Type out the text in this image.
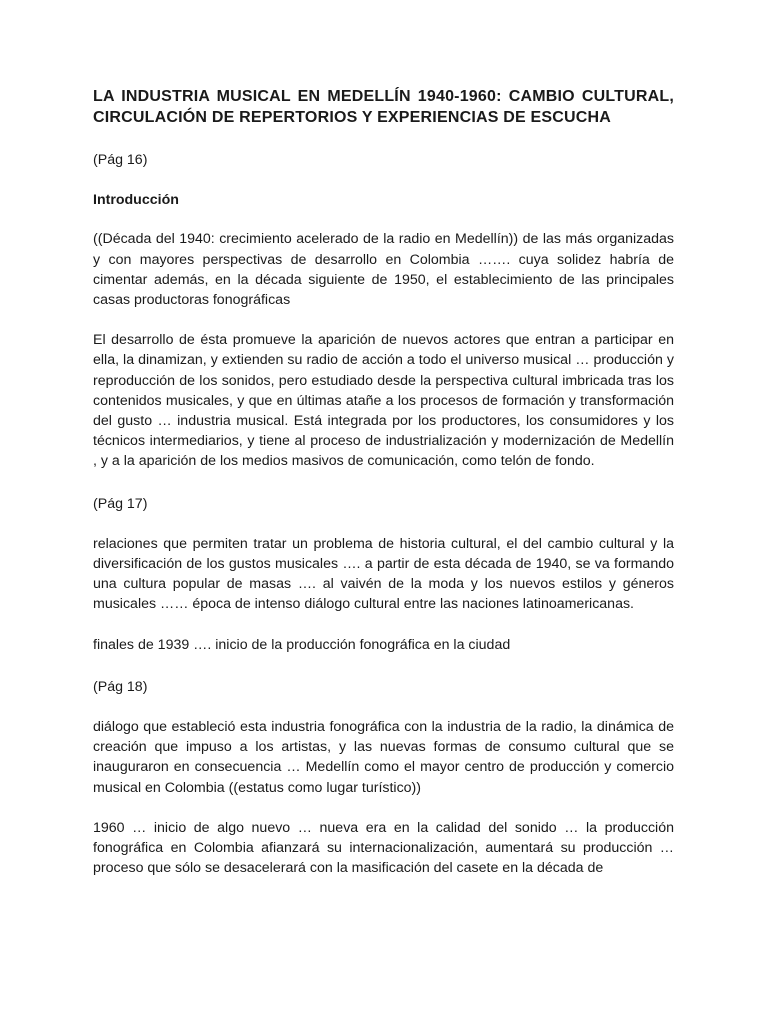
LA INDUSTRIA MUSICAL EN MEDELLÍN 1940-1960: CAMBIO CULTURAL, CIRCULACIÓN DE REPERTORIOS Y EXPERIENCIAS DE ESCUCHA

(Pág 16)

Introducción

((Década del 1940: crecimiento acelerado de la radio en Medellín)) de las más organizadas y con mayores perspectivas de desarrollo en Colombia ……. cuya solidez habría de cimentar además, en la década siguiente de 1950, el establecimiento de las principales casas productoras fonográficas

El desarrollo de ésta promueve la aparición de nuevos actores que entran a participar en ella, la dinamizan, y extienden su radio de acción a todo el universo musical … producción y reproducción de los sonidos, pero estudiado desde la perspectiva cultural imbricada tras los contenidos musicales, y que en últimas atañe a los procesos de formación y transformación del gusto … industria musical. Está integrada por los productores, los consumidores y los técnicos intermediarios, y tiene al proceso de industrialización y modernización de Medellín , y a la aparición de los medios masivos de comunicación, como telón de fondo.

(Pág 17)

relaciones que permiten tratar un problema de historia cultural, el del cambio cultural y la diversificación de los gustos musicales …. a partir de esta década de 1940, se va formando una cultura popular de masas …. al vaivén de la moda y los nuevos estilos y géneros musicales …… época de intenso diálogo cultural entre las naciones latinoamericanas.

finales de 1939 …. inicio de la producción fonográfica en la ciudad

(Pág 18)

diálogo que estableció esta industria fonográfica con la industria de la radio, la dinámica de creación que impuso a los artistas, y las nuevas formas de consumo cultural que se inauguraron en consecuencia … Medellín como el mayor centro de producción y comercio musical en Colombia ((estatus como lugar turístico))

1960 … inicio de algo nuevo … nueva era en la calidad del sonido … la producción fonográfica en Colombia afianzará su internacionalización, aumentará su producción … proceso que sólo se desacelerará con la masificación del casete en la década de
